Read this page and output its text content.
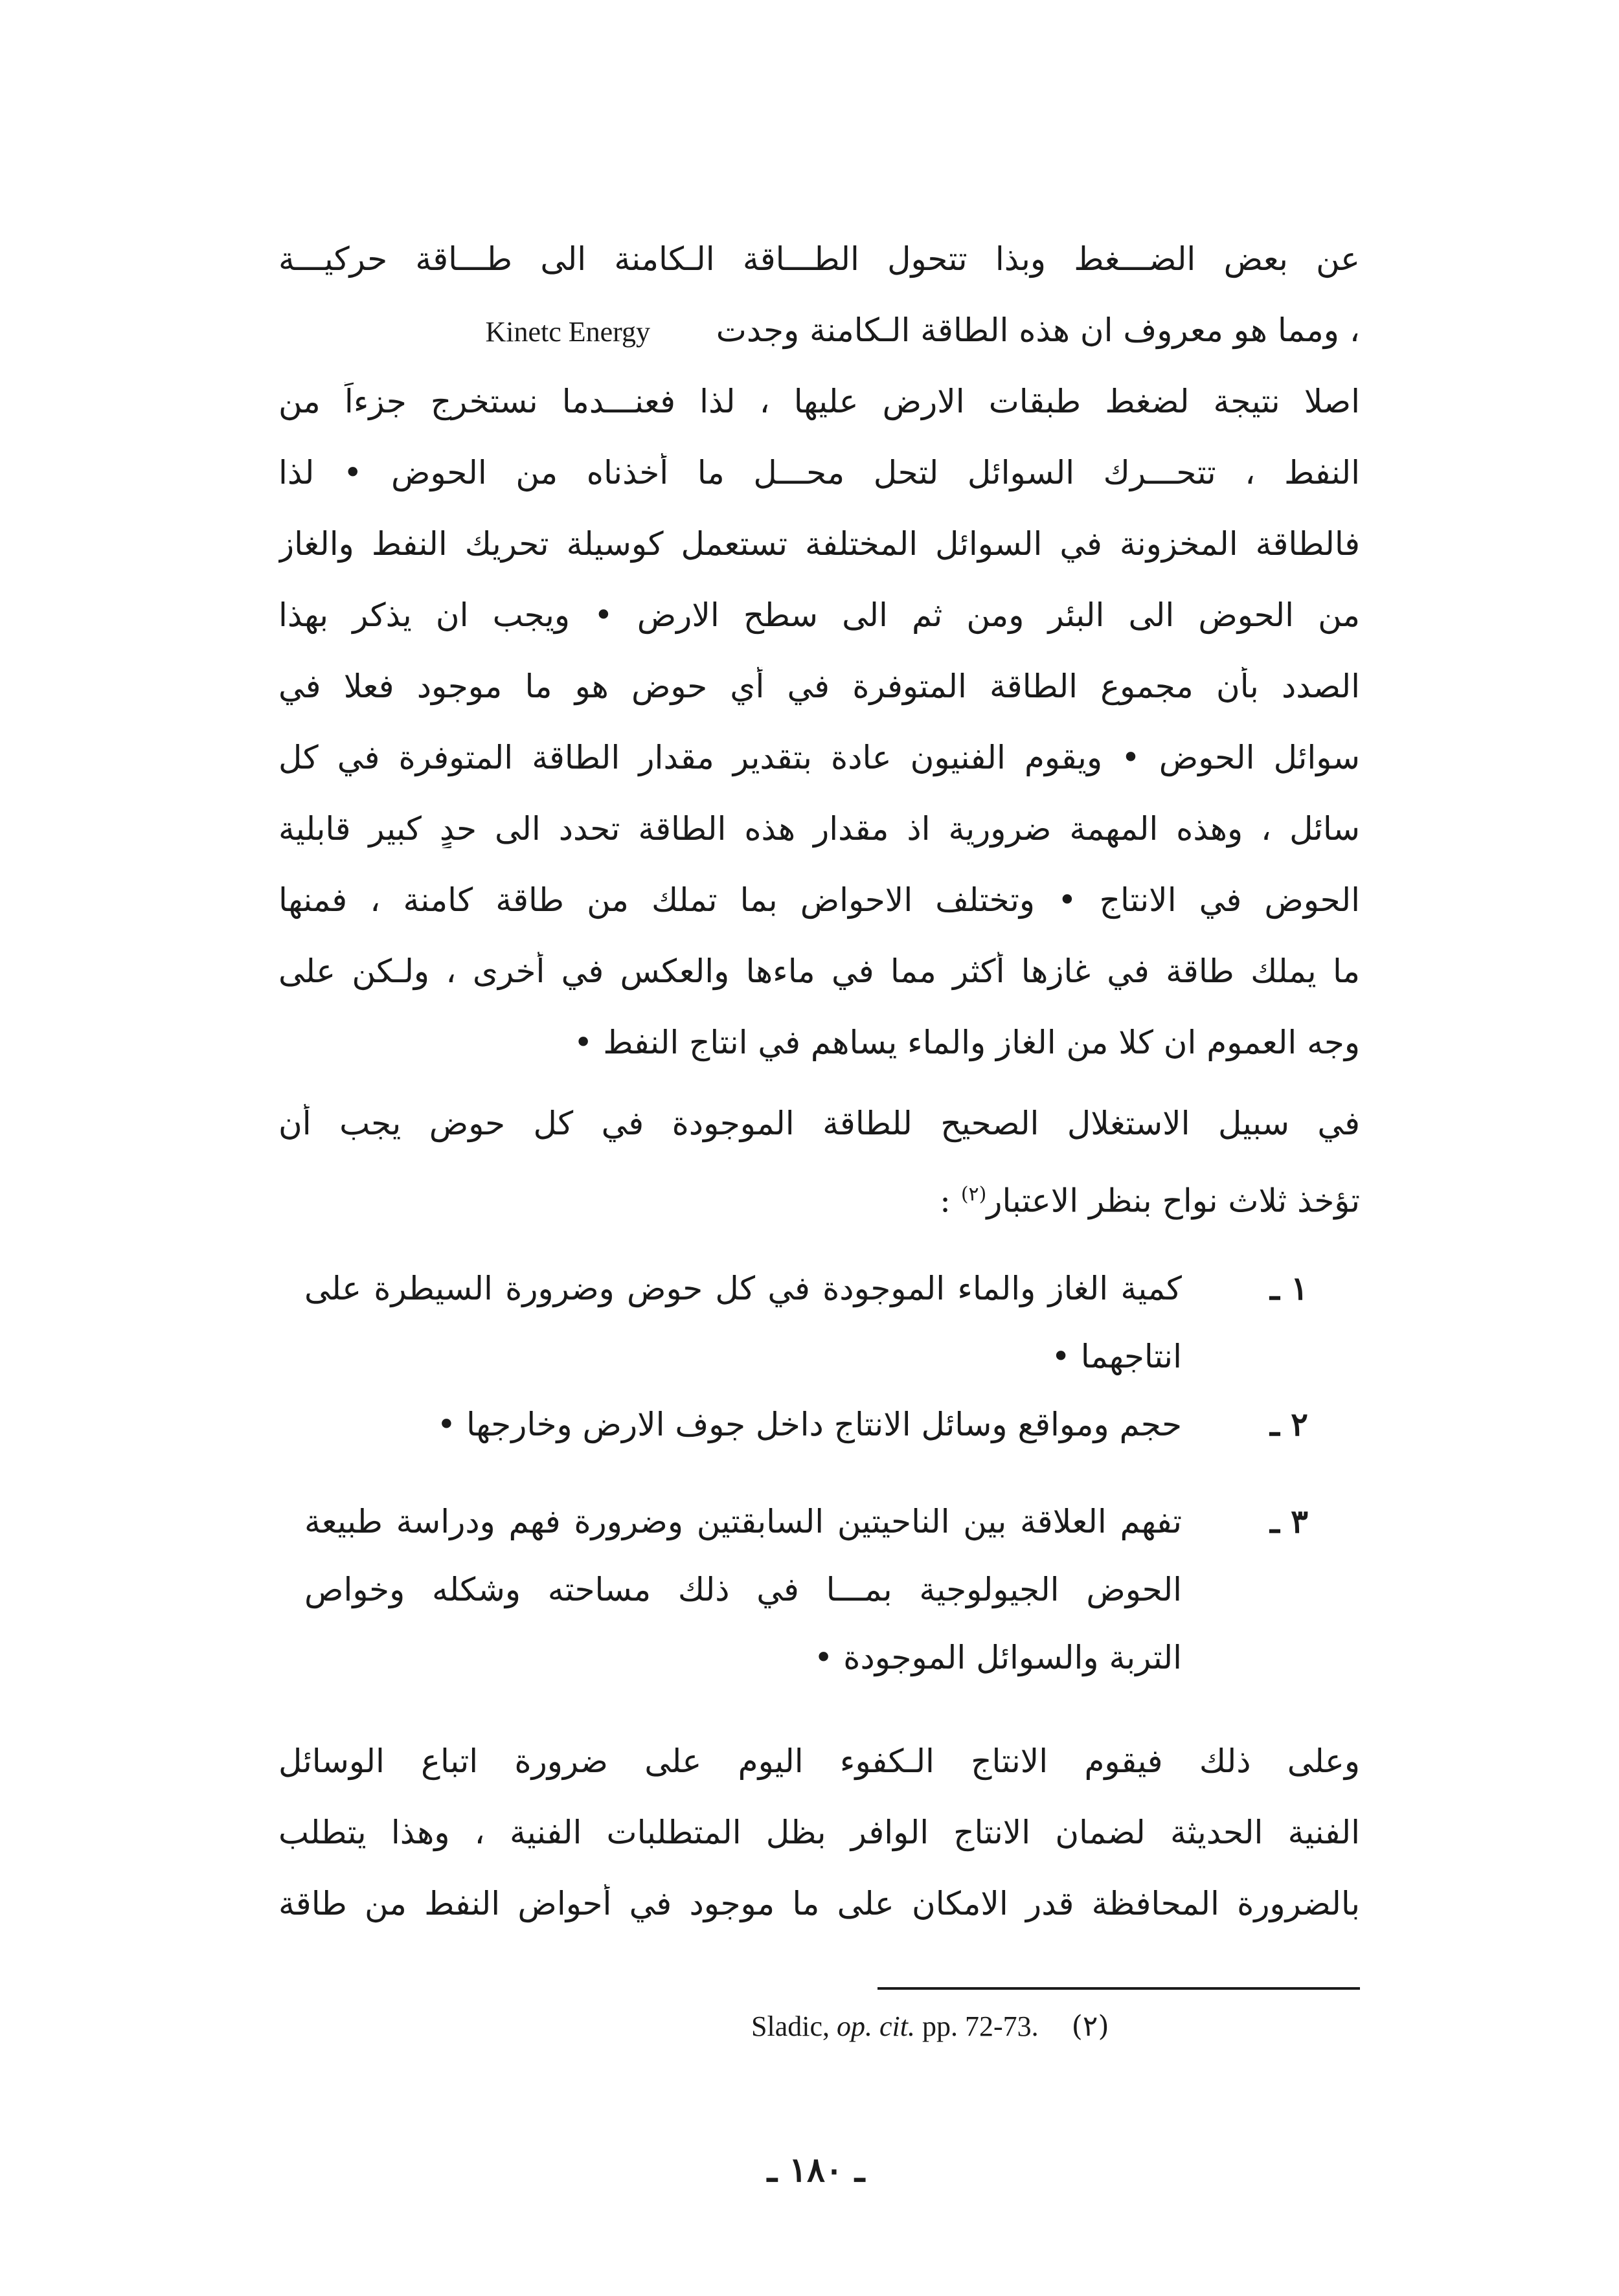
عن بعض الضـــغط وبذا تتحول الطـــاقة الـكامنة الى طـــاقة حركيـــة
، ومما هو معروف ان هذه الطاقة الـكامنة وجدت  Kinetc Energy
اصلا نتيجة لضغط طبقات الارض عليها ، لذا فعنـــدما نستخرج جزءاً من
النفط ، تتحـــرك السوائل لتحل محـــل ما أخذناه من الحوض • لذا
فالطاقة المخزونة في السوائل المختلفة تستعمل كوسيلة تحريك النفط والغاز
من الحوض الى البئر ومن ثم الى سطح الارض • ويجب ان يذكر بهذا
الصدد بأن مجموع الطاقة المتوفرة في أي حوض هو ما موجود فعلا في
سوائل الحوض • ويقوم الفنيون عادة بتقدير مقدار الطاقة المتوفرة في كل
سائل ، وهذه المهمة ضرورية اذ مقدار هذه الطاقة تحدد الى حدٍ كبير قابلية
الحوض في الانتاج • وتختلف الاحواض بما تملك من طاقة كامنة ، فمنها
ما يملك طاقة في غازها أكثر مما في ماءها والعكس في أخرى ، ولـكن على
وجه العموم ان كلا من الغاز والماء يساهم في انتاج النفط •
في سبيل الاستغلال الصحيح للطاقة الموجودة في كل حوض يجب أن
تؤخذ ثلاث نواحٍ بنظر الاعتبار$^{(٢)}$ :
١ ـ
كمية الغاز والماء الموجودة في كل حوض وضرورة السيطرة على
انتاجهما •
٢ ـ
حجم ومواقع وسائل الانتاج داخل جوف الارض وخارجها •
٣ ـ
تفهم العلاقة بين الناحيتين السابقتين وضرورة فهم ودراسة طبيعة
الحوض الجيولوجية بمـــا في ذلك مساحته وشكله وخواص
التربة والسوائل الموجودة •
وعلى ذلك فيقوم الانتاج الـكفوء اليوم على ضرورة اتباع الوسائل
الفنية الحديثة لضمان الانتاج الوافر بظل المتطلبات الفنية ، وهذا يتطلب
بالضرورة المحافظة قدر الامكان على ما موجود في أحواض النفط من طاقة
Sladic, op. cit. pp. 72-73. (٢)
ـ ١٨٠ ـ
